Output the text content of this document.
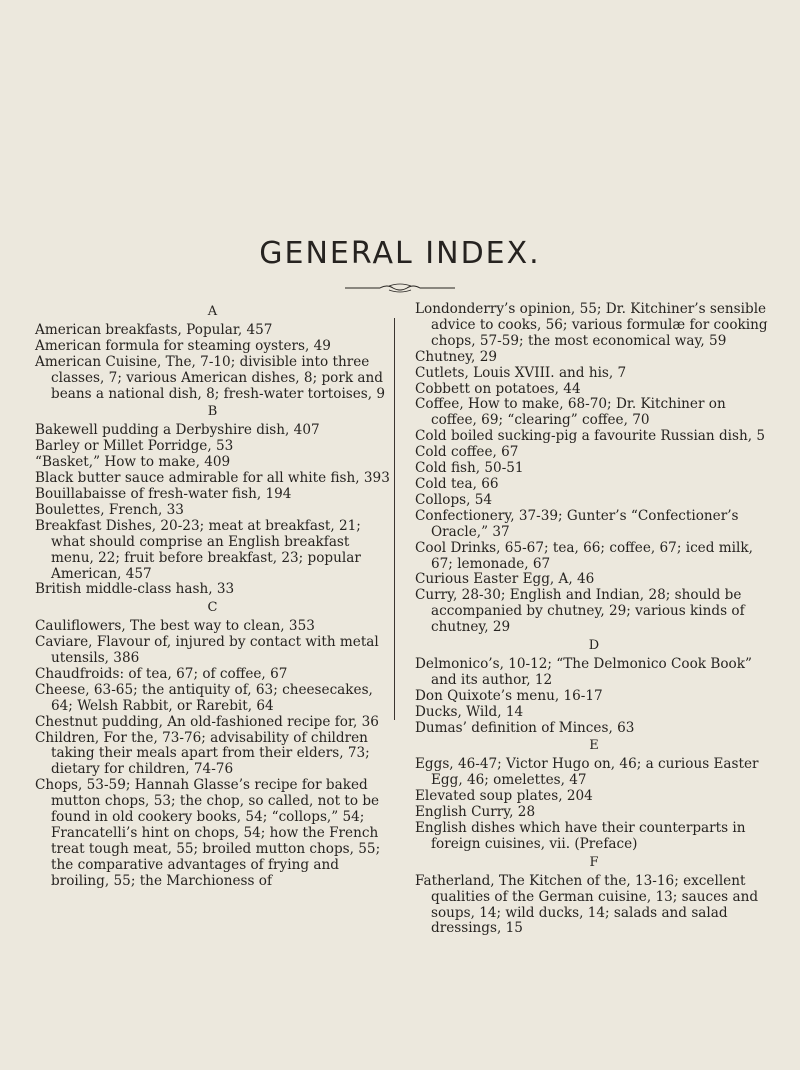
GENERAL INDEX.
A

American breakfasts, Popular, 457

American formula for steaming oysters, 49

American Cuisine, The, 7-10; divisible into three classes, 7; various American dishes, 8; pork and beans a national dish, 8; fresh-water tortoises, 9

B

Bakewell pudding a Derbyshire dish, 407

Barley or Millet Porridge, 53

“Basket,” How to make, 409

Black butter sauce admirable for all white fish, 393

Bouillabaisse of fresh-water fish, 194

Boulettes, French, 33

Breakfast Dishes, 20-23; meat at breakfast, 21; what should comprise an English breakfast menu, 22; fruit before breakfast, 23; popular American, 457

British middle-class hash, 33

C

Cauliflowers, The best way to clean, 353

Caviare, Flavour of, injured by contact with metal utensils, 386

Chaudfroids: of tea, 67; of coffee, 67

Cheese, 63-65; the antiquity of, 63; cheesecakes, 64; Welsh Rabbit, or Rarebit, 64

Chestnut pudding, An old-fashioned recipe for, 36

Children, For the, 73-76; advisability of children taking their meals apart from their elders, 73; dietary for children, 74-76

Chops, 53-59; Hannah Glasse’s recipe for baked mutton chops, 53; the chop, so called, not to be found in old cookery books, 54; “collops,” 54; Francatelli’s hint on chops, 54; how the French treat tough meat, 55; broiled mutton chops, 55; the comparative advantages of frying and broiling, 55; the Marchioness of

Londonderry’s opinion, 55; Dr. Kitchiner’s sensible advice to cooks, 56; various formulæ for cooking chops, 57-59; the most economical way, 59

Chutney, 29

Cutlets, Louis XVIII. and his, 7

Cobbett on potatoes, 44

Coffee, How to make, 68-70; Dr. Kitchiner on coffee, 69; “clearing” coffee, 70

Cold boiled sucking-pig a favourite Russian dish, 5

Cold coffee, 67

Cold fish, 50-51

Cold tea, 66

Collops, 54

Confectionery, 37-39; Gunter’s “Confectioner’s Oracle,” 37

Cool Drinks, 65-67; tea, 66; coffee, 67; iced milk, 67; lemonade, 67

Curious Easter Egg, A, 46

Curry, 28-30; English and Indian, 28; should be accompanied by chutney, 29; various kinds of chutney, 29

D

Delmonico’s, 10-12; “The Delmonico Cook Book” and its author, 12

Don Quixote’s menu, 16-17

Ducks, Wild, 14

Dumas’ definition of Minces, 63

E

Eggs, 46-47; Victor Hugo on, 46; a curious Easter Egg, 46; omelettes, 47

Elevated soup plates, 204

English Curry, 28

English dishes which have their counterparts in foreign cuisines, vii. (Preface)

F

Fatherland, The Kitchen of the, 13-16; excellent qualities of the German cuisine, 13; sauces and soups, 14; wild ducks, 14; salads and salad dressings, 15
